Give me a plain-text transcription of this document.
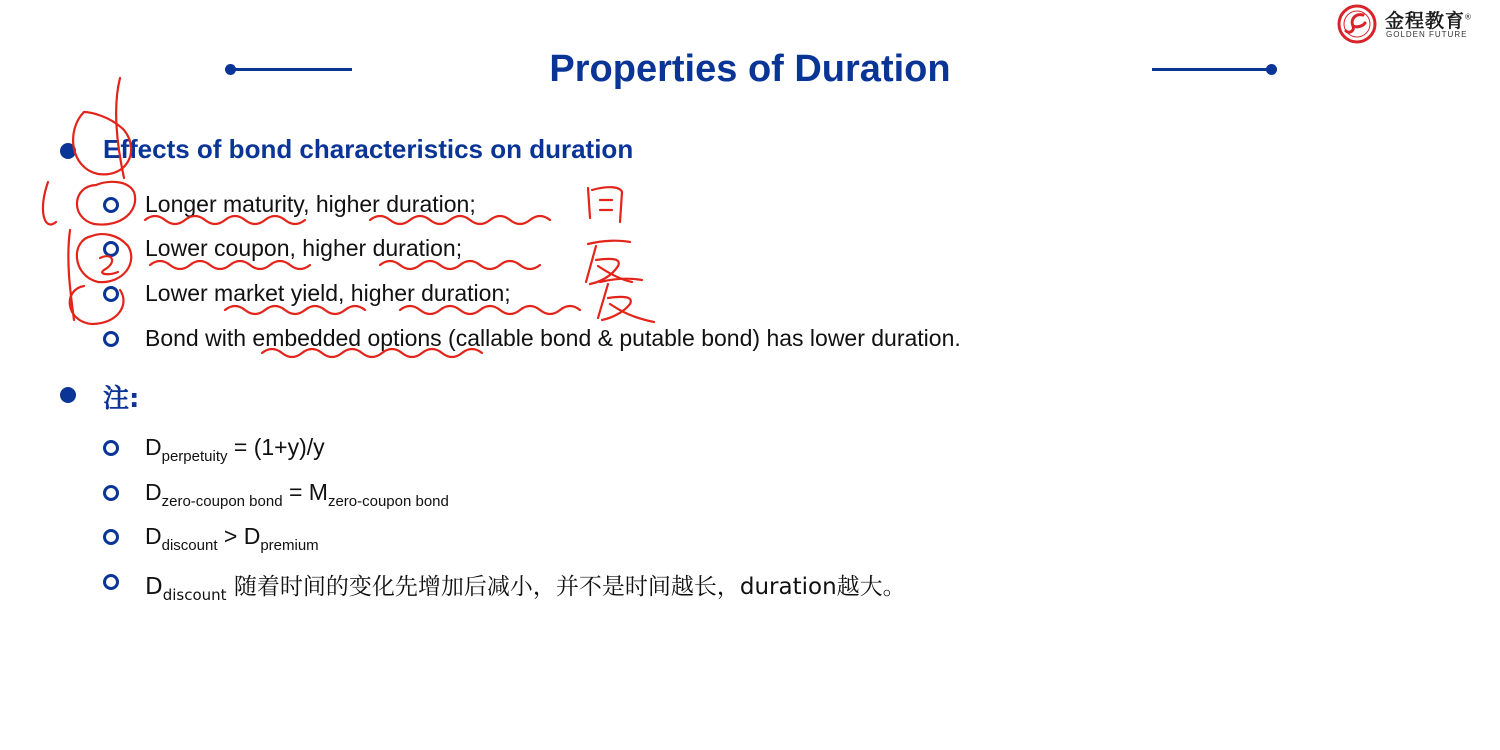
金程教育®
GOLDEN FUTURE
Properties of Duration
Effects of bond characteristics on duration
Longer maturity, higher duration;
Lower coupon, higher duration;
Lower market yield, higher duration;
Bond with embedded options (callable bond & putable bond) has lower duration.
注:
$D_{perpetuity} = (1+y)/y$
$D_{zero-coupon bond} = M_{zero-coupon bond}$
$D_{discount} > D_{premium}$
$D_{discount}$ 随着时间的变化先增加后减小，并不是时间越长，duration越大。
